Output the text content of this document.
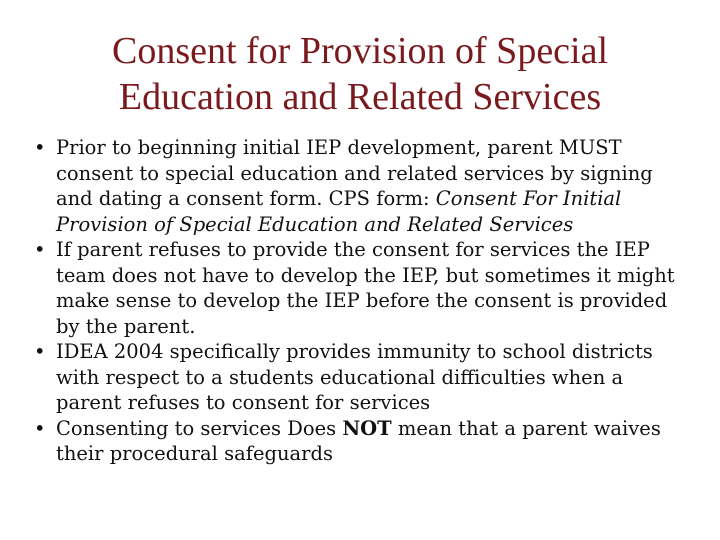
Consent for Provision of Special
Education and Related Services
• Prior to beginning initial IEP development, parent MUST consent to special education and related services by signing and dating a consent form. CPS form: Consent For Initial Provision of Special Education and Related Services
• If parent refuses to provide the consent for services the IEP team does not have to develop the IEP, but sometimes it might make sense to develop the IEP before the consent is provided by the parent.
• IDEA 2004 specifically provides immunity to school districts with respect to a students educational difficulties when a parent refuses to consent for services
• Consenting to services Does NOT mean that a parent waives their procedural safeguards
